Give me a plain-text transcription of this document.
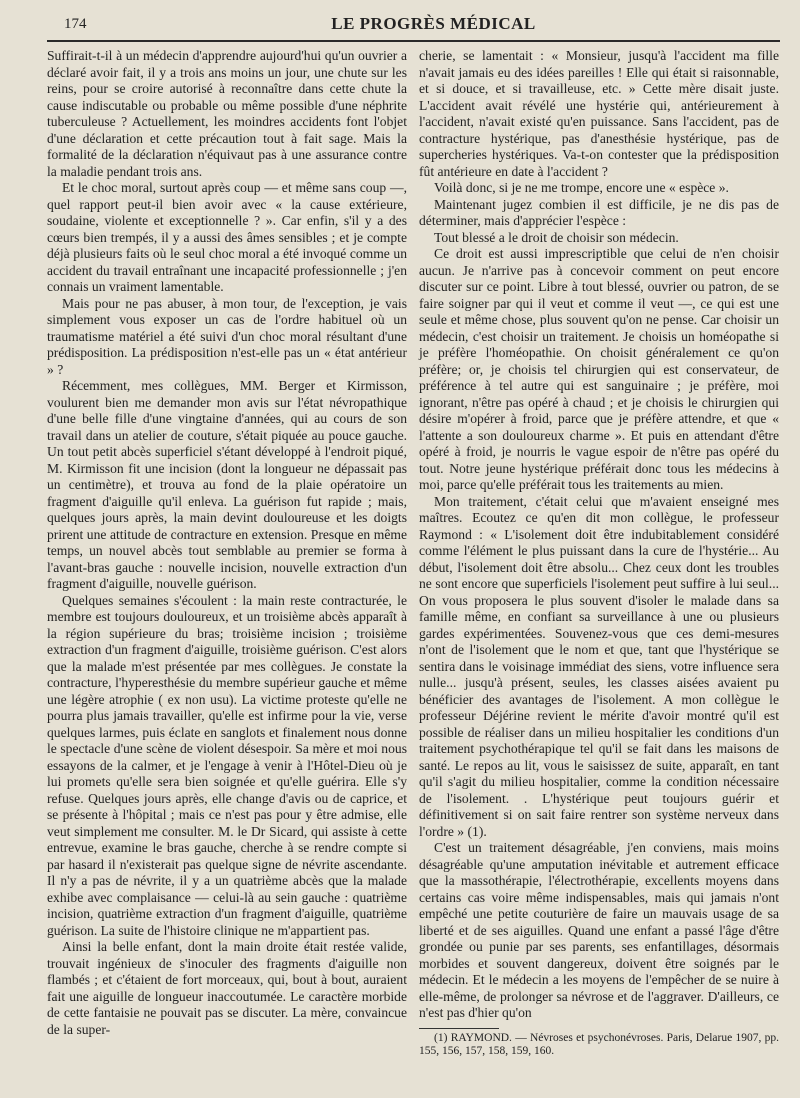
174	LE PROGRÈS MÉDICAL

Suffirait-t-il à un médecin d'apprendre aujourd'hui qu'un ouvrier a déclaré avoir fait, il y a trois ans moins un jour, une chute sur les reins, pour se croire autorisé à reconnaître dans cette chute la cause indiscutable ou probable ou même possible d'une néphrite tuberculeuse ? Actuellement, les moindres accidents font l'objet d'une déclaration et cette précaution tout à fait sage. Mais la formalité de la déclaration n'équivaut pas à une assurance contre la maladie pendant trois ans.

Et le choc moral, surtout après coup — et même sans coup —, quel rapport peut-il bien avoir avec « la cause extérieure, soudaine, violente et exceptionnelle ? ». Car enfin, s'il y a des cœurs bien trempés, il y a aussi des âmes sensibles ; et je compte déjà plusieurs faits où le seul choc moral a été invoqué comme un accident du travail entraînant une incapacité professionnelle ; j'en connais un vraiment lamentable.

Mais pour ne pas abuser, à mon tour, de l'exception, je vais simplement vous exposer un cas de l'ordre habituel où un traumatisme matériel a été suivi d'un choc moral résultant d'une prédisposition. La prédisposition n'est-elle pas un « état antérieur » ?

Récemment, mes collègues, MM. Berger et Kirmisson, voulurent bien me demander mon avis sur l'état névropathique d'une belle fille d'une vingtaine d'années, qui au cours de son travail dans un atelier de couture, s'était piquée au pouce gauche. Un tout petit abcès superficiel s'étant développé à l'endroit piqué, M. Kirmisson fit une incision (dont la longueur ne dépassait pas un centimètre), et trouva au fond de la plaie opératoire un fragment d'aiguille qu'il enleva. La guérison fut rapide ; mais, quelques jours après, la main devint douloureuse et les doigts prirent une attitude de contracture en extension. Presque en même temps, un nouvel abcès tout semblable au premier se forma à l'avant-bras gauche : nouvelle incision, nouvelle extraction d'un fragment d'aiguille, nouvelle guérison.

Quelques semaines s'écoulent : la main reste contracturée, le membre est toujours douloureux, et un troisième abcès apparaît à la région supérieure du bras; troisième incision ; troisième extraction d'un fragment d'aiguille, troisième guérison. C'est alors que la malade m'est présentée par mes collègues. Je constate la contracture, l'hyperesthésie du membre supérieur gauche et même une légère atrophie ( ex non usu). La victime proteste qu'elle ne pourra plus jamais travailler, qu'elle est infirme pour la vie, verse quelques larmes, puis éclate en sanglots et finalement nous donne le spectacle d'une scène de violent désespoir. Sa mère et moi nous essayons de la calmer, et je l'engage à venir à l'Hôtel-Dieu où je lui promets qu'elle sera bien soignée et qu'elle guérira. Elle s'y refuse. Quelques jours après, elle change d'avis ou de caprice, et se présente à l'hôpital ; mais ce n'est pas pour y être admise, elle veut simplement me consulter. M. le Dr Sicard, qui assiste à cette entrevue, examine le bras gauche, cherche à se rendre compte si par hasard il n'existerait pas quelque signe de névrite ascendante. Il n'y a pas de névrite, il y a un quatrième abcès que la malade exhibe avec complaisance — celui-là au sein gauche : quatrième incision, quatrième extraction d'un fragment d'aiguille, quatrième guérison. La suite de l'histoire clinique ne m'appartient pas.

Ainsi la belle enfant, dont la main droite était restée valide, trouvait ingénieux de s'inoculer des fragments d'aiguille non flambés ; et c'étaient de fort morceaux, qui, bout à bout, auraient fait une aiguille de longueur inaccoutumée. Le caractère morbide de cette fantaisie ne pouvait pas se discuter. La mère, convaincue de la super-

cherie, se lamentait : « Monsieur, jusqu'à l'accident ma fille n'avait jamais eu des idées pareilles ! Elle qui était si raisonnable, et si douce, et si travailleuse, etc. » Cette mère disait juste. L'accident avait révélé une hystérie qui, antérieurement à l'accident, n'avait existé qu'en puissance. Sans l'accident, pas de contracture hystérique, pas d'anesthésie hystérique, pas de supercheries hystériques. Va-t-on contester que la prédisposition fût antérieure en date à l'accident ?

Voilà donc, si je ne me trompe, encore une « espèce ».

Maintenant jugez combien il est difficile, je ne dis pas de déterminer, mais d'apprécier l'espèce :

Tout blessé a le droit de choisir son médecin.

Ce droit est aussi imprescriptible que celui de n'en choisir aucun. Je n'arrive pas à concevoir comment on peut encore discuter sur ce point. Libre à tout blessé, ouvrier ou patron, de se faire soigner par qui il veut et comme il veut —, ce qui est une seule et même chose, plus souvent qu'on ne pense. Car choisir un médecin, c'est choisir un traitement. Je choisis un homéopathe si je préfère l'homéopathie. On choisit généralement ce qu'on préfère; or, je choisis tel chirurgien qui est conservateur, de préférence à tel autre qui est sanguinaire ; je préfère, moi ignorant, n'être pas opéré à chaud ; et je choisis le chirurgien qui désire m'opérer à froid, parce que je préfère attendre, et que « l'attente a son douloureux charme ». Et puis en attendant d'être opéré à froid, je nourris le vague espoir de n'être pas opéré du tout. Notre jeune hystérique préférait donc tous les médecins à moi, parce qu'elle préférait tous les traitements au mien.

Mon traitement, c'était celui que m'avaient enseigné mes maîtres. Ecoutez ce qu'en dit mon collègue, le professeur Raymond : « L'isolement doit être indubitablement considéré comme l'élément le plus puissant dans la cure de l'hystérie... Au début, l'isolement doit être absolu... Chez ceux dont les troubles ne sont encore que superficiels l'isolement peut suffire à lui seul... On vous proposera le plus souvent d'isoler le malade dans sa famille même, en confiant sa surveillance à une ou plusieurs gardes expérimentées. Souvenez-vous que ces demi-mesures n'ont de l'isolement que le nom et que, tant que l'hystérique se sentira dans le voisinage immédiat des siens, votre influence sera nulle... jusqu'à présent, seules, les classes aisées avaient pu bénéficier des avantages de l'isolement. A mon collègue le professeur Déjérine revient le mérite d'avoir montré qu'il est possible de réaliser dans un milieu hospitalier les conditions d'un traitement psychothérapique tel qu'il se fait dans les maisons de santé. Le repos au lit, vous le saisissez de suite, apparaît, en tant qu'il s'agit du milieu hospitalier, comme la condition nécessaire de l'isolement. . L'hystérique peut toujours guérir et définitivement si on sait faire rentrer son système nerveux dans l'ordre » (1).

C'est un traitement désagréable, j'en conviens, mais moins désagréable qu'une amputation inévitable et autrement efficace que la massothérapie, l'électrothérapie, excellents moyens dans certains cas voire même indispensables, mais qui jamais n'ont empêché une petite couturière de faire un mauvais usage de sa liberté et de ses aiguilles. Quand une enfant a passé l'âge d'être grondée ou punie par ses parents, ses enfantillages, désormais morbides et souvent dangereux, doivent être soignés par le médecin. Et le médecin a les moyens de l'empêcher de se nuire à elle-même, de prolonger sa névrose et de l'aggraver. D'ailleurs, ce n'est pas d'hier qu'on

(1) RAYMOND. — Névroses et psychonévroses. Paris, Delarue 1907, pp. 155, 156, 157, 158, 159, 160.
